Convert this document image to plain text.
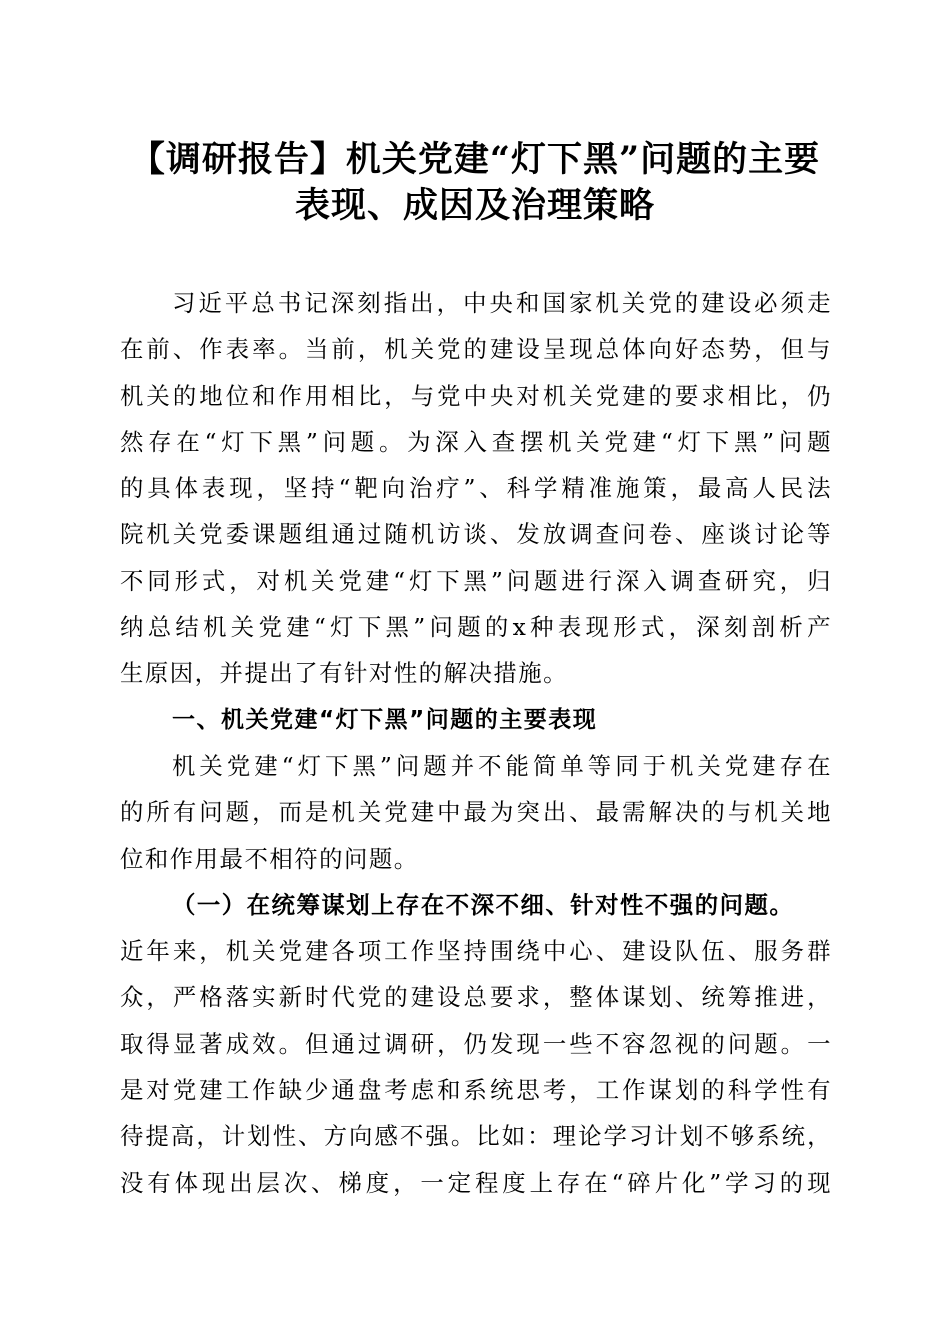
【调研报告】机关党建“灯下黑”问题的主要
表现、成因及治理策略
习近平总书记深刻指出，中央和国家机关党的建设必须走
在前、作表率。当前，机关党的建设呈现总体向好态势，但与
机关的地位和作用相比，与党中央对机关党建的要求相比，仍
然存在“灯下黑”问题。为深入查摆机关党建“灯下黑”问题
的具体表现，坚持“靶向治疗”、科学精准施策，最高人民法
院机关党委课题组通过随机访谈、发放调查问卷、座谈讨论等
不同形式，对机关党建“灯下黑”问题进行深入调查研究，归
纳总结机关党建“灯下黑”问题的x种表现形式，深刻剖析产
生原因，并提出了有针对性的解决措施。
一、机关党建“灯下黑”问题的主要表现
机关党建“灯下黑”问题并不能简单等同于机关党建存在
的所有问题，而是机关党建中最为突出、最需解决的与机关地
位和作用最不相符的问题。
（一）在统筹谋划上存在不深不细、针对性不强的问题。
近年来，机关党建各项工作坚持围绕中心、建设队伍、服务群
众，严格落实新时代党的建设总要求，整体谋划、统筹推进，
取得显著成效。但通过调研，仍发现一些不容忽视的问题。一
是对党建工作缺少通盘考虑和系统思考，工作谋划的科学性有
待提高，计划性、方向感不强。比如：理论学习计划不够系统，
没有体现出层次、梯度，一定程度上存在“碎片化”学习的现
